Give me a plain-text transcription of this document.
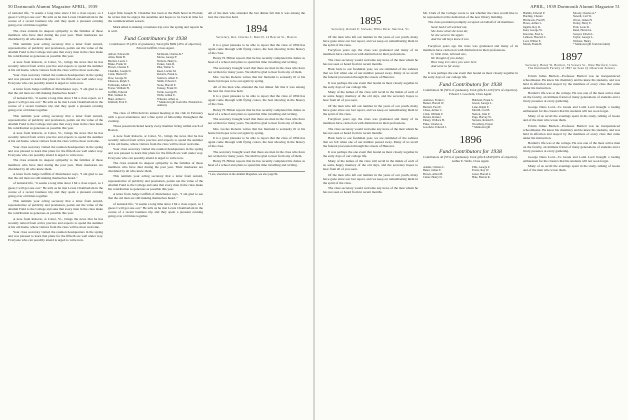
50 Dartmouth Alumni Magazine APRIL, 1939

of national life, "it seems a long time since I hit a class report, so I guess I will get one out." He tells us he met Lewis Chamberlain in the course of a recent business trip and they spent a pleasant evening going over old times together.

The class extends its deepest sympathy to the families of those members who have died during the past year. Their memories are cherished by all who knew them.

This reminds your acting secretary that a letter from Arnold, representative of publicity and promotion, points out the value of the Alumni Fund to the College and asks that every man in the class make his contribution as generous as possible this year.

A note from Roberts, at Cabot, Vt., brings the news that he has recently retired from active practice and expects to spend the summer at his old home, where visitors from the class will be most welcome.

Your class secretary visited the reunion headquarters in the spring and was pleased to learn that plans for the fiftieth are well under way. Everyone who can possibly attend is urged to write now.

A letter from Judge Griffith of Manchester says, "I am glad to see that the old men are still making themselves heard."

of national life, "it seems a long time since I hit a class report, so I guess I will get one out." He tells us he met Lewis Chamberlain in the course of a recent business trip and they spent a pleasant evening going over old times together.

This reminds your acting secretary that a letter from Arnold, representative of publicity and promotion, points out the value of the Alumni Fund to the College and asks that every man in the class make his contribution as generous as possible this year.

A note from Roberts, at Cabot, Vt., brings the news that he has recently retired from active practice and expects to spend the summer at his old home, where visitors from the class will be most welcome.

Your class secretary visited the reunion headquarters in the spring and was pleased to learn that plans for the fiftieth are well under way. Everyone who can possibly attend is urged to write now.

The class extends its deepest sympathy to the families of those members who have died during the past year. Their memories are cherished by all who knew them.

A letter from Judge Griffith of Manchester says, "I am glad to see that the old men are still making themselves heard."

of national life, "it seems a long time since I hit a class report, so I guess I will get one out." He tells us he met Lewis Chamberlain in the course of a recent business trip and they spent a pleasant evening going over old times together.

This reminds your acting secretary that a letter from Arnold, representative of publicity and promotion, points out the value of the Alumni Fund to the College and asks that every man in the class make his contribution as generous as possible this year.

A note from Roberts, at Cabot, Vt., brings the news that he has recently retired from active practice and expects to spend the summer at his old home, where visitors from the class will be most welcome.

Your class secretary visited the reunion headquarters in the spring and was pleased to learn that plans for the fiftieth are well under way. Everyone who can possibly attend is urged to write now.

Legal firm Joseph N. Chandler has been at the Bath hotel in Florida; he writes that he enjoys the sunshine and hopes to be back in time for the commencement season.

Mark Allen is making a business trip over the spring and reports he is well.

Fund Contributors for 1938
Contributors 33 (45% of graduates). Total gifts $969 (45% of objective). Edward Griffith, Class Agent.
Abbott, Edward R.
Allen, Mark B.
Bartlett, Lewis J.
Blake, Frank W.
Brown, Charles F.
Chandler, Joseph N.
Clark, Herbert P.
Dow, George W.
Emerson, Ralph T.
Fairbanks, Albert S.
Foster, William H.
Griffith, Edward
Hall, Samuel K.
Hunt, Arthur C.
Kimball, Fred E.
McIntosh, Charles R.*
Morse, George F.
Nichols, Henry L.
Parker, John D.
Pike, Walter S.
Reed, Lucius M.
Roberts, Frank A.
Sanborn, Albert E.
Smith, Edward J.
Stone, Harold P.
Tenney, Frank W.
Tuttle, George H.
Wells, Arthur E.
Wheeler, Albert A.
* Memorial gift from Mrs. Elizabeth G. Anthony

The class of 1894 held its annual meeting at the club in February with a good attendance and a fine spirit of fellowship throughout the evening.

Those present included nearly every member living within reach of Boston.

A note from Roberts, at Cabot, Vt., brings the news that he has recently retired from active practice and expects to spend the summer at his old home, where visitors from the class will be most welcome.

Your class secretary visited the reunion headquarters in the spring and was pleased to learn that plans for the fiftieth are well under way. Everyone who can possibly attend is urged to write now.

The class extends its deepest sympathy to the families of those members who have died during the past year. Their memories are cherished by all who knew them.

This reminds your acting secretary that a letter from Arnold, representative of publicity and promotion, points out the value of the Alumni Fund to the College and asks that every man in the class make his contribution as generous as possible this year.

A letter from Judge Griffith of Manchester says, "I am glad to see that the old men are still making themselves heard."

of national life, "it seems a long time since I hit a class report, so I guess I will get one out." He tells us he met Lewis Chamberlain in the course of a recent business trip and they spent a pleasant evening going over old times together.

All of the men who attended the last dinner felt that it was among the best the class has held.

1894
Secretary, Rev. Charles C. Merrill, 14 Beacon St., Boston

It is a great pleasure to be able to report that the class of 1894 has again come through with flying colors, the best showing in the history of the class.

Henry H. Hilton reports that he has recently completed his duties as head of a school and plans to spend his time travelling and writing.

The secretary brought word that there are men in the class who have not written for many years. We shall be glad to hear from any of them.

Mrs. Lucius Roberts writes that her husband is seriously ill at his home but hopes to be out again by spring.

All of the men who attended the last dinner felt that it was among the best the class has held.

It is a great pleasure to be able to report that the class of 1894 has again come through with flying colors, the best showing in the history of the class.

Henry H. Hilton reports that he has recently completed his duties as head of a school and plans to spend his time travelling and writing.

The secretary brought word that there are men in the class who have not written for many years. We shall be glad to hear from any of them.

Mrs. Lucius Roberts writes that her husband is seriously ill at his home but hopes to be out again by spring.

It is a great pleasure to be able to report that the class of 1894 has again come through with flying colors, the best showing in the history of the class.

The secretary brought word that there are men in the class who have not written for many years. We shall be glad to hear from any of them.

Henry H. Hilton reports that he has recently completed his duties as head of a school and plans to spend his time travelling and writing.

* Late, elsewhere in the Alumni Magazine, see also page 84.
APRIL, 1939 Dartmouth Alumni Magazine 51
1895
Secretary, Roland E. Stevens, White River Junction, Vt.

Of the men who left our number in the years of our youth, many have gone since our last report, and we keep on remembering them in the spirit of the class.

Fortyfour years ago the class was graduated and many of its members have carried on with distinction in their professions.

The class secretary would welcome any news of the men whom he has not seen or heard from in recent months.

Hark back to our freshman year, we are reminded of the sadness that we felt when one of our number passed away. Many of us recall the funeral procession through the streets of Hanover.

It was perhaps the one event that bound us most closely together in the early days of our college life.

Many of the names of the class will recall in the minds of each of us some happy memory of the old days, and the secretary hopes to hear from all of you soon.

Of the men who left our number in the years of our youth, many have gone since our last report, and we keep on remembering them in the spirit of the class.

Fortyfour years ago the class was graduated and many of its members have carried on with distinction in their professions.

The class secretary would welcome any news of the men whom he has not seen or heard from in recent months.

Hark back to our freshman year, we are reminded of the sadness that we felt when one of our number passed away. Many of us recall the funeral procession through the streets of Hanover.

It was perhaps the one event that bound us most closely together in the early days of our college life.

Many of the names of the class will recall in the minds of each of us some happy memory of the old days, and the secretary hopes to hear from all of you soon.

Of the men who left our number in the years of our youth, many have gone since our last report, and we keep on remembering them in the spirit of the class.

The class secretary would welcome any news of the men whom he has not seen or heard from in recent months.

Mr. Clark of the College wrote to ask whether the class would like to be represented at the dedication of the new library building.

The class president promptly accepted on behalf of all members.

Susie had it all worked out,
She knew what she must do;
So she went to the upper,
And the old boys knew it too.

Fortyfour years ago the class was graduated and many of its members have carried on with distinction in their professions.

O, little John, beloved one,
We thought of you today;
How long it is since you were here
And went so far away.

It was perhaps the one event that bound us most closely together in the early days of our college life.

Fund Contributors for 1938
Contributors 36 (50% of graduates). Total gifts $1,120 (52% of objective). Edward J. Goodwin, Class Agent.
Andrews, Frank C.
Barker, Harold W.
Bartlett, Fred E.
Chase, Arthur C.
Clark, William P.
Dexter, Roland
Emery, Wallace H.
Fiske, Charles A.
Goodwin, Edward J.
Hubbard, Frank S.
Jewett, George L.
Lane, Ralph E.
Merrill, Carl B.
Nelson, John P.
Page, Harvey W.
Stevens, Roland E.
Woodbury, Ernest
* Memorial gift
1896
Fund Contributors for 1938
Contributors 42 (55% of graduates). Total gifts $1,840 (60% of objective). Arthur E. Wells, Class Agent.
Adams, Charles C.
Baker, James E.
Brown, Albert H.
Cutter, Henry D.
Ellis, George P.
Foster, Ray W.
Grant, Harold L.
Hale, Burton R.
Hamlin, Edward P.
Harding, Chester
Hitchcock, Fred H.
Howe, Arthur L.
Ingalls, Roy D.
Kent, George W.
Knowles, Fred A.
Lamson, Howard C.
Lord, Wilbur E.
Marsh, Frank H.
Moody, Charles A.*
Newell, Carl W.
Olcott, James H.
Perley, Harry E.
Pratt, Leon D.
Rand, Harold A.
Sawyer, Edwin L.
Taylor, George L.
Webster, Henry
* Memorial gift from his family
1897
Secretary, Henry W. Bartlett, 74 Sowers St., West Hartford, Conn. The Dartmouth Faculty of 1897 As Seen by Observant Seniors

Edwin Julius Bartlett—Professor Bartlett was no inexperienced schoolmaster. He knew his chemistry and he knew his students, and was held in affection and respect by the members of every class that came under his instruction.

Bartlett's life was at the college. He was one of the most active men on the faculty, an intimate friend of many generations of students and a lively presence at every gathering.

George Dana Lord—To Greek and Latin Lord brought a lasting enthusiasm for the classics that his students will not soon forget.

Many of us recall the evenings spent in his study, talking of books and of the men who wrote them.

Edwin Julius Bartlett—Professor Bartlett was no inexperienced schoolmaster. He knew his chemistry and he knew his students, and was held in affection and respect by the members of every class that came under his instruction.

Bartlett's life was at the college. He was one of the most active men on the faculty, an intimate friend of many generations of students and a lively presence at every gathering.

George Dana Lord—To Greek and Latin Lord brought a lasting enthusiasm for the classics that his students will not soon forget.

Many of us recall the evenings spent in his study, talking of books and of the men who wrote them.
